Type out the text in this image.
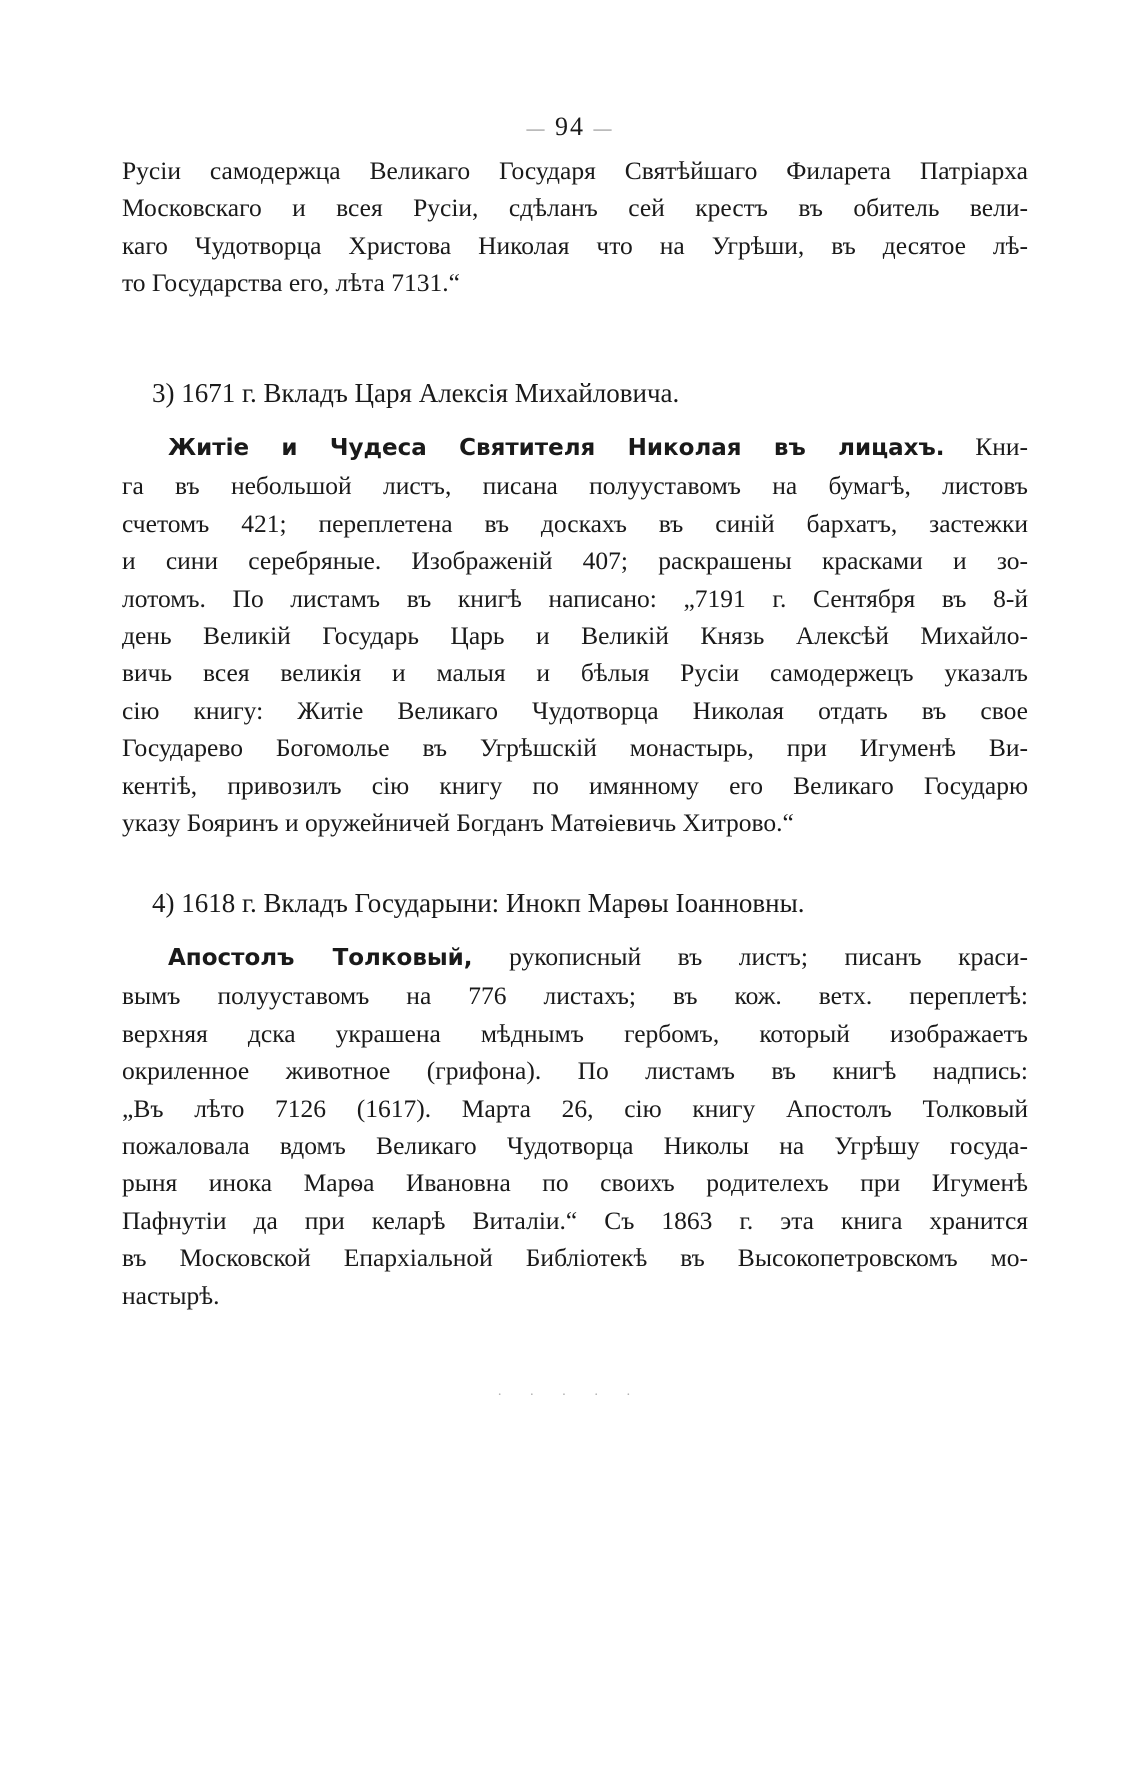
— 94 —
Русіи самодержца Великаго Государя Святѣйшаго Филарета Патріарха
Московскаго и всея Русіи, сдѣланъ сей крестъ въ обитель вели-
каго Чудотворца Христова Николая что на Угрѣши, въ десятое лѣ-
то Государства его, лѣта 7131.“
3) 1671 г. Вкладъ Царя Алексія Михайловича.
Житіе и Чудеса Святителя Николая въ лицахъ. Кни-
га въ небольшой листъ, писана полууставомъ на бумагѣ, листовъ
счетомъ 421; переплетена въ доскахъ въ синій бархатъ, застежки
и сини серебряные. Изображеній 407; раскрашены красками и зо-
лотомъ. По листамъ въ книгѣ написано: „7191 г. Сентября въ 8-й
день Великій Государь Царь и Великій Князь Алексѣй Михайло-
вичь всея великія и малыя и бѣлыя Русіи самодержецъ указалъ
сію книгу: Житіе Великаго Чудотворца Николая отдать въ свое
Государево Богомолье въ Угрѣшскій монастырь, при Игуменѣ Ви-
кентіѣ, привозилъ сію книгу по имянному его Великаго Государю
указу Бояринъ и оружейничей Богданъ Матѳіевичь Хитрово.“
4) 1618 г. Вкладъ Государыни: Инокп Марѳы Іоанновны.
Апостолъ Толковый, рукописный въ листъ; писанъ краси-
вымъ полууставомъ на 776 листахъ; въ кож. ветх. переплетѣ:
верхняя дска украшена мѣднымъ гербомъ, который изображаетъ
окриленное животное (грифона). По листамъ въ книгѣ надпись:
„Въ лѣто 7126 (1617). Марта 26, сію книгу Апостолъ Толковый
пожаловала вдомъ Великаго Чудотворца Николы на Угрѣшу госуда-
рыня инока Марѳа Ивановна по своихъ родителехъ при Игуменѣ
Пафнутіи да при келарѣ Виталіи.“ Съ 1863 г. эта книга хранится
въ Московской Епархіальной Библіотекѣ въ Высокопетровскомъ мо-
настырѣ.
· · · · ·
